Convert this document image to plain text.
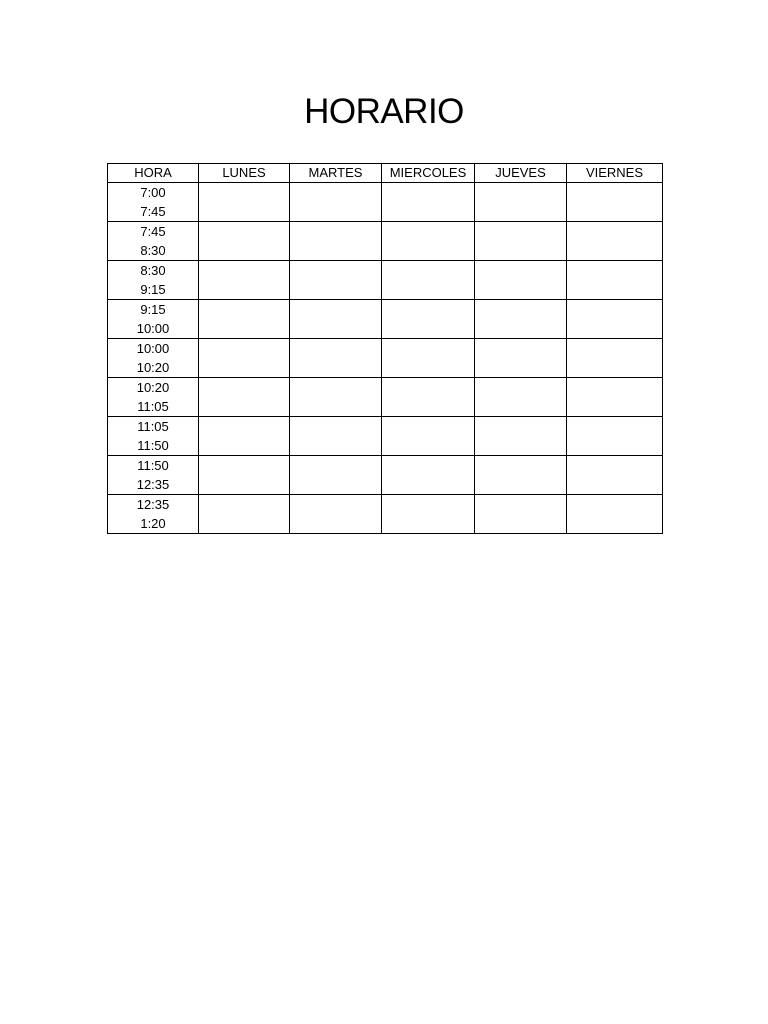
HORARIO
HORA	LUNES	MARTES	MIERCOLES	JUEVES	VIERNES

7:00
7:45					

7:45
8:30					

8:30
9:15					

9:15
10:00					

10:00
10:20					

10:20
11:05					

11:05
11:50					

11:50
12:35					

12:35
1:20					
